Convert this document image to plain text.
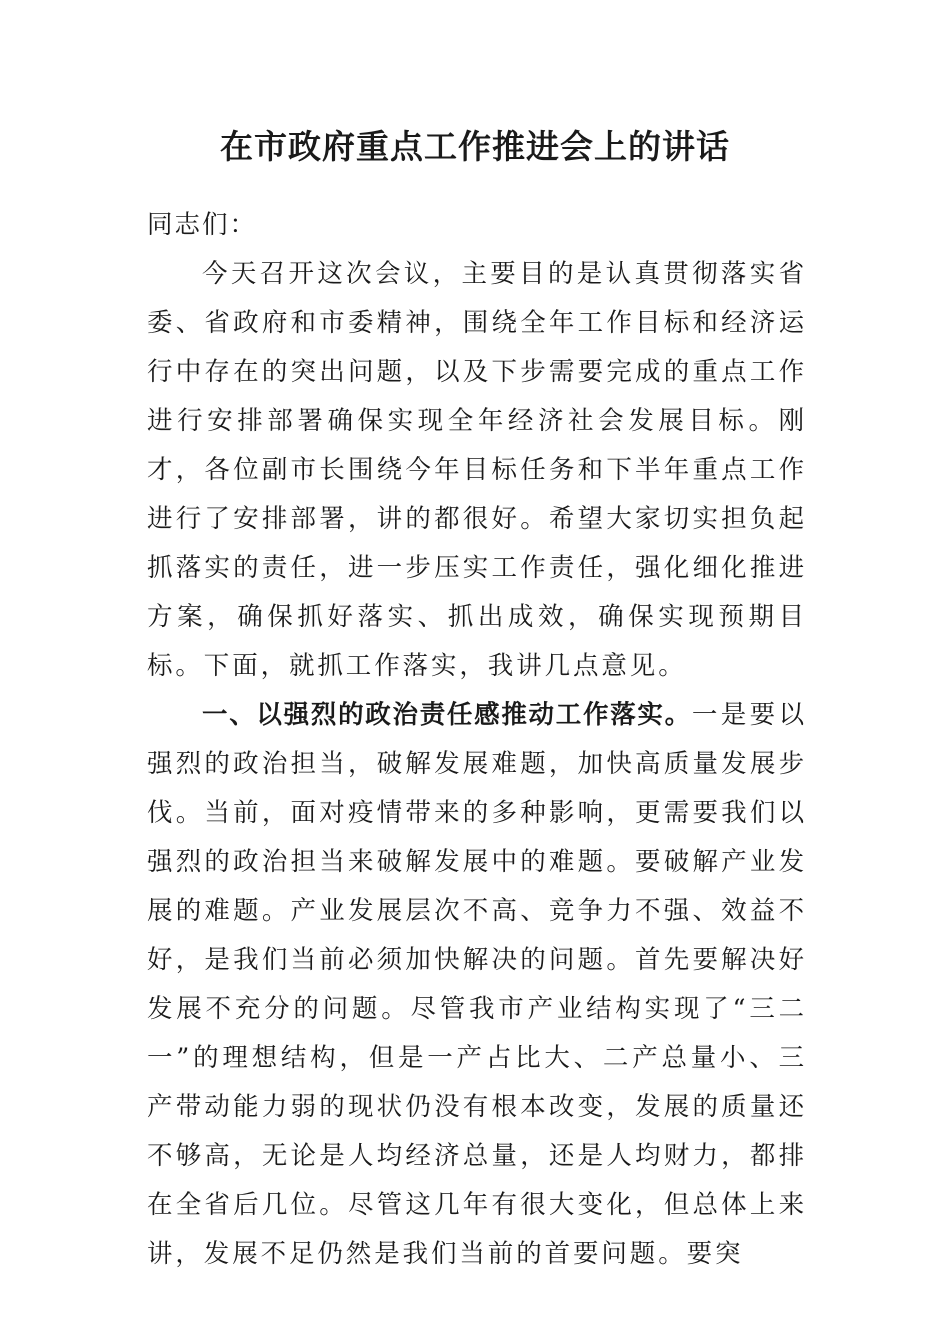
在市政府重点工作推进会上的讲话

同志们：

今天召开这次会议，主要目的是认真贯彻落实省委、省政府和市委精神，围绕全年工作目标和经济运行中存在的突出问题，以及下步需要完成的重点工作进行安排部署确保实现全年经济社会发展目标。刚才，各位副市长围绕今年目标任务和下半年重点工作进行了安排部署，讲的都很好。希望大家切实担负起抓落实的责任，进一步压实工作责任，强化细化推进方案，确保抓好落实、抓出成效，确保实现预期目标。下面，就抓工作落实，我讲几点意见。

一、以强烈的政治责任感推动工作落实。一是要以强烈的政治担当，破解发展难题，加快高质量发展步伐。当前，面对疫情带来的多种影响，更需要我们以强烈的政治担当来破解发展中的难题。要破解产业发展的难题。产业发展层次不高、竞争力不强、效益不好，是我们当前必须加快解决的问题。首先要解决好发展不充分的问题。尽管我市产业结构实现了“三二一”的理想结构，但是一产占比大、二产总量小、三产带动能力弱的现状仍没有根本改变，发展的质量还不够高，无论是人均经济总量，还是人均财力，都排在全省后几位。尽管这几年有很大变化，但总体上来讲，发展不足仍然是我们当前的首要问题。要突
